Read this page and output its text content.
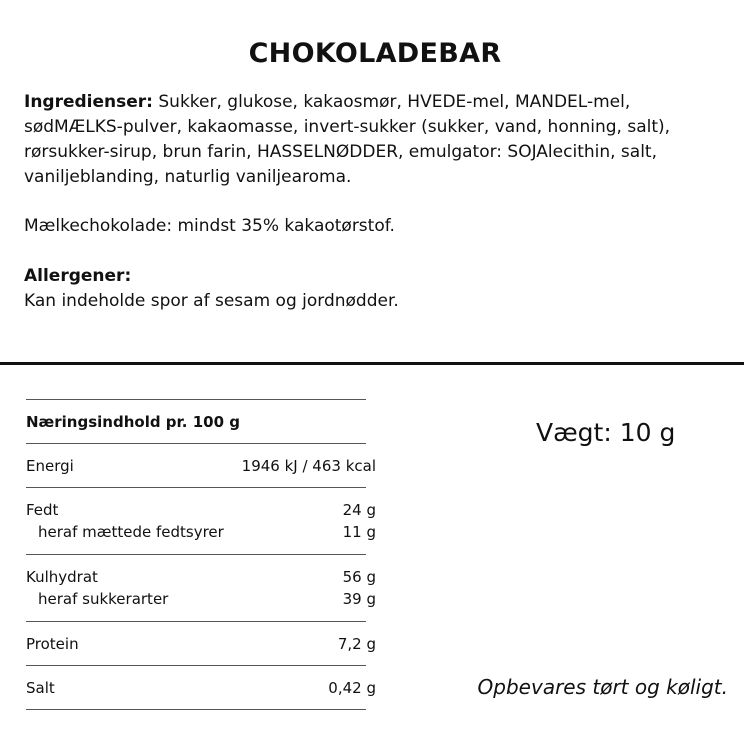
CHOKOLADEBAR

Ingredienser: Sukker, glukose, kakaosmør, HVEDE-mel, MANDEL-mel, sødMÆLKS-pulver, kakaomasse, invert-sukker (sukker, vand, honning, salt), rørsukker-sirup, brun farin, HASSELNØDDER, emulgator: SOJAlecithin, salt, vaniljeblanding, naturlig vaniljearoma.

Mælkechokolade: mindst 35% kakaotørstof.

Allergener:

Kan indeholde spor af sesam og jordnødder.

Næringsindhold pr. 100 g
Energi	1946 kJ / 463 kcal
Fedt	24 g
heraf mættede fedtsyrer	11 g
Kulhydrat	56 g
heraf sukkerarter	39 g
Protein	7,2 g
Salt	0,42 g

Vægt: 10 g

Opbevares tørt og køligt.
